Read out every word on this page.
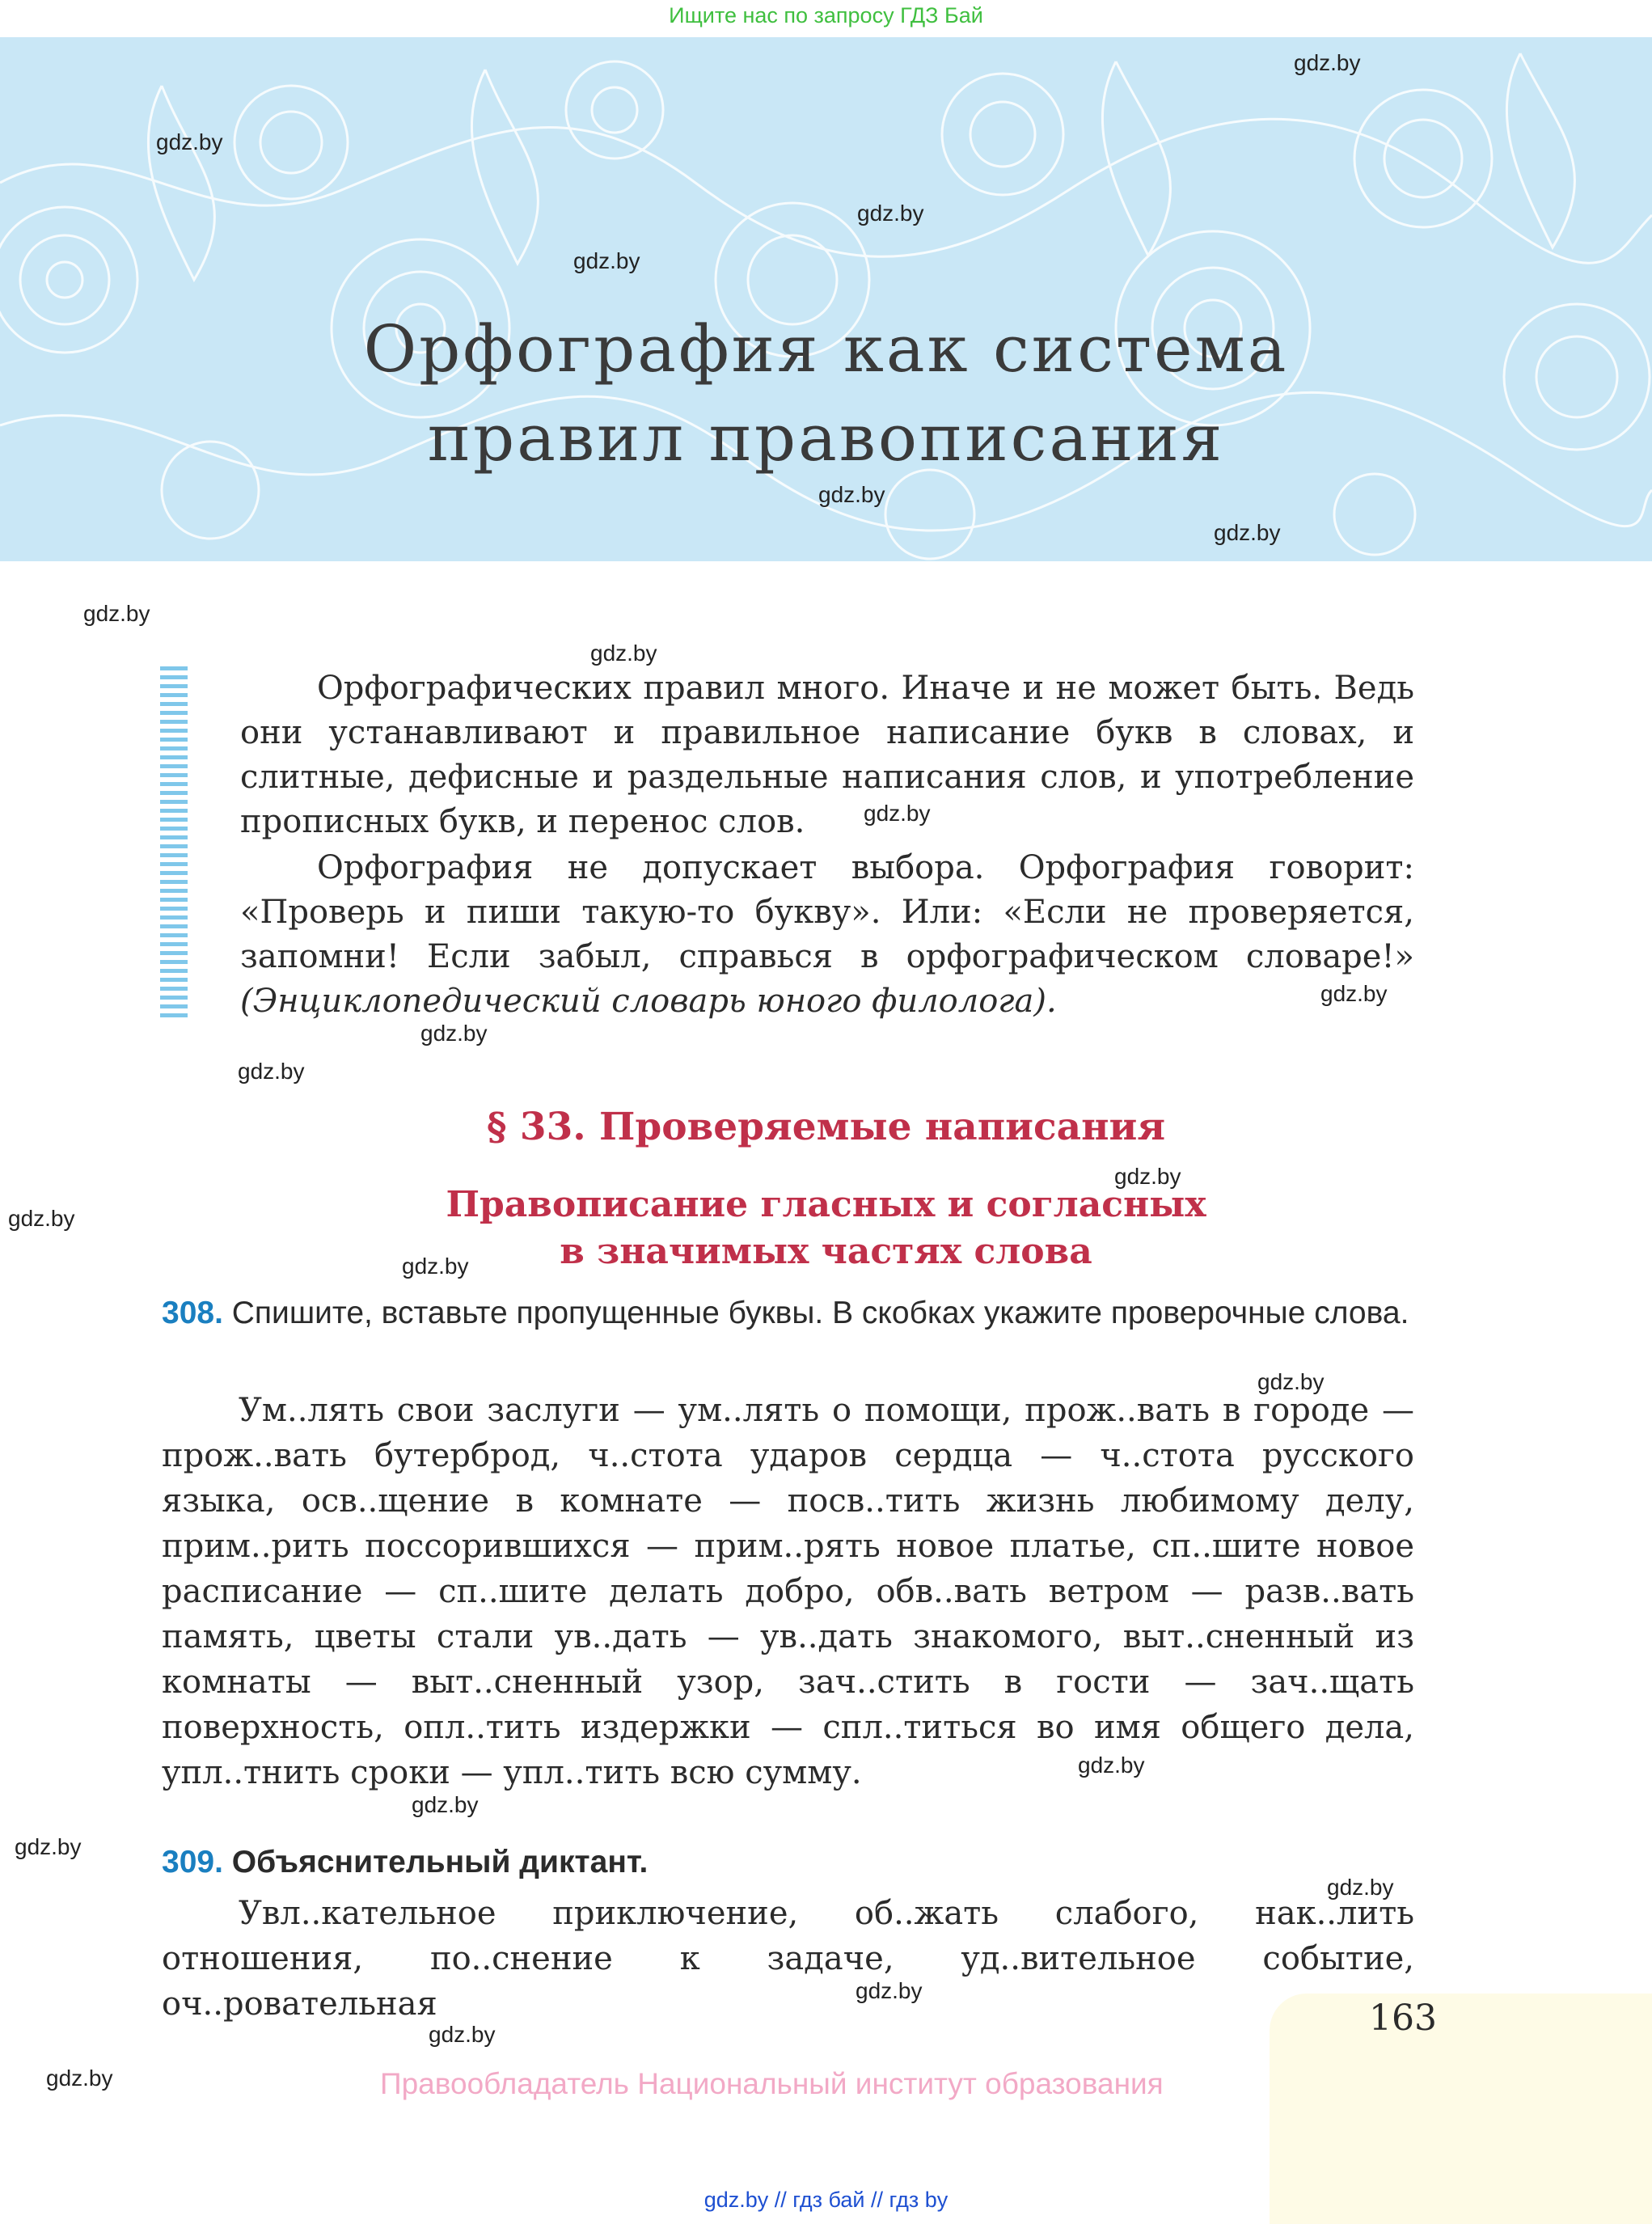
Ищите нас по запросу ГДЗ Бай
Орфография как система
правил правописания
gdz.by
gdz.by
gdz.by
gdz.by
gdz.by
gdz.by
gdz.by
gdz.by
gdz.by
gdz.by
gdz.by
gdz.by
gdz.by
gdz.by
gdz.by
gdz.by
gdz.by
gdz.by
gdz.by
gdz.by
gdz.by
gdz.by
gdz.by
Орфографических правил много. Иначе и не может быть. Ведь они устанавливают и правильное написание букв в словах, и слитные, дефисные и раздельные написания слов, и употребление прописных букв, и перенос слов.
Орфография не допускает выбора. Орфография говорит: «Проверь и пиши такую-то букву». Или: «Если не проверяется, запомни! Если забыл, справься в орфографическом словаре!» (Энциклопедический словарь юного филолога).
§ 33. Проверяемые написания
Правописание гласных и согласных
в значимых частях слова
308. Спишите, вставьте пропущенные буквы. В скобках укажите проверочные слова.
Ум..лять свои заслуги — ум..лять о помощи, прож..вать в городе — прож..вать бутерброд, ч..стота ударов сердца — ч..стота русского языка, осв..щение в комнате — посв..тить жизнь любимому делу, прим..рить поссорившихся — прим..рять новое платье, сп..шите новое расписание — сп..шите делать добро, обв..вать ветром — разв..вать память, цветы стали ув..дать — ув..дать знакомого, выт..сненный из комнаты — выт..сненный узор, зач..стить в гости — зач..щать поверхность, опл..тить издержки — спл..титься во имя общего дела, упл..тнить сроки — упл..тить всю сумму.
309. Объяснительный диктант.
Увл..кательное приключение, об..жать слабого, нак..лить отношения, по..снение к задаче, уд..вительное событие, оч..ровательная	163
Правообладатель Национальный институт образования
gdz.by // гдз бай // гдз by
